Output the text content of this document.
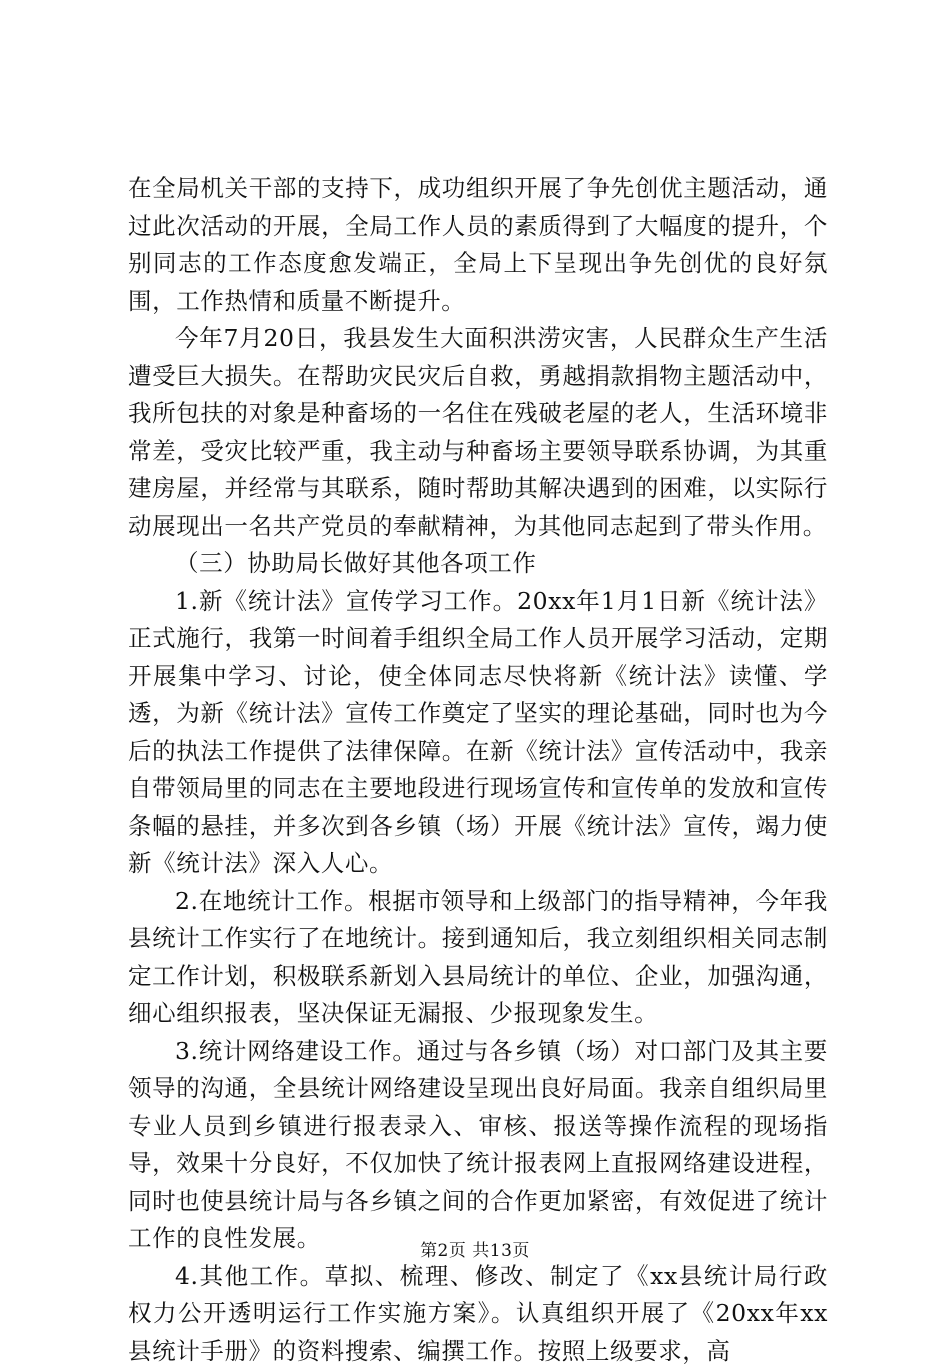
在全局机关干部的支持下，成功组织开展了争先创优主题活动，通过此次活动的开展，全局工作人员的素质得到了大幅度的提升，个别同志的工作态度愈发端正，全局上下呈现出争先创优的良好氛围，工作热情和质量不断提升。

今年7月20日，我县发生大面积洪涝灾害，人民群众生产生活遭受巨大损失。在帮助灾民灾后自救，勇越捐款捐物主题活动中，我所包扶的对象是种畜场的一名住在残破老屋的老人，生活环境非常差，受灾比较严重，我主动与种畜场主要领导联系协调，为其重建房屋，并经常与其联系，随时帮助其解决遇到的困难，以实际行动展现出一名共产党员的奉献精神，为其他同志起到了带头作用。

（三）协助局长做好其他各项工作

1.新《统计法》宣传学习工作。20xx年1月1日新《统计法》正式施行，我第一时间着手组织全局工作人员开展学习活动，定期开展集中学习、讨论，使全体同志尽快将新《统计法》读懂、学透，为新《统计法》宣传工作奠定了坚实的理论基础，同时也为今后的执法工作提供了法律保障。在新《统计法》宣传活动中，我亲自带领局里的同志在主要地段进行现场宣传和宣传单的发放和宣传条幅的悬挂，并多次到各乡镇（场）开展《统计法》宣传，竭力使新《统计法》深入人心。

2.在地统计工作。根据市领导和上级部门的指导精神，今年我县统计工作实行了在地统计。接到通知后，我立刻组织相关同志制定工作计划，积极联系新划入县局统计的单位、企业，加强沟通，细心组织报表，坚决保证无漏报、少报现象发生。

3.统计网络建设工作。通过与各乡镇（场）对口部门及其主要领导的沟通，全县统计网络建设呈现出良好局面。我亲自组织局里专业人员到乡镇进行报表录入、审核、报送等操作流程的现场指导，效果十分良好，不仅加快了统计报表网上直报网络建设进程，同时也使县统计局与各乡镇之间的合作更加紧密，有效促进了统计工作的良性发展。

4.其他工作。草拟、梳理、修改、制定了《xx县统计局行政权力公开透明运行工作实施方案》。认真组织开展了《20xx年xx县统计手册》的资料搜索、编撰工作。按照上级要求，高

第2页 共13页
